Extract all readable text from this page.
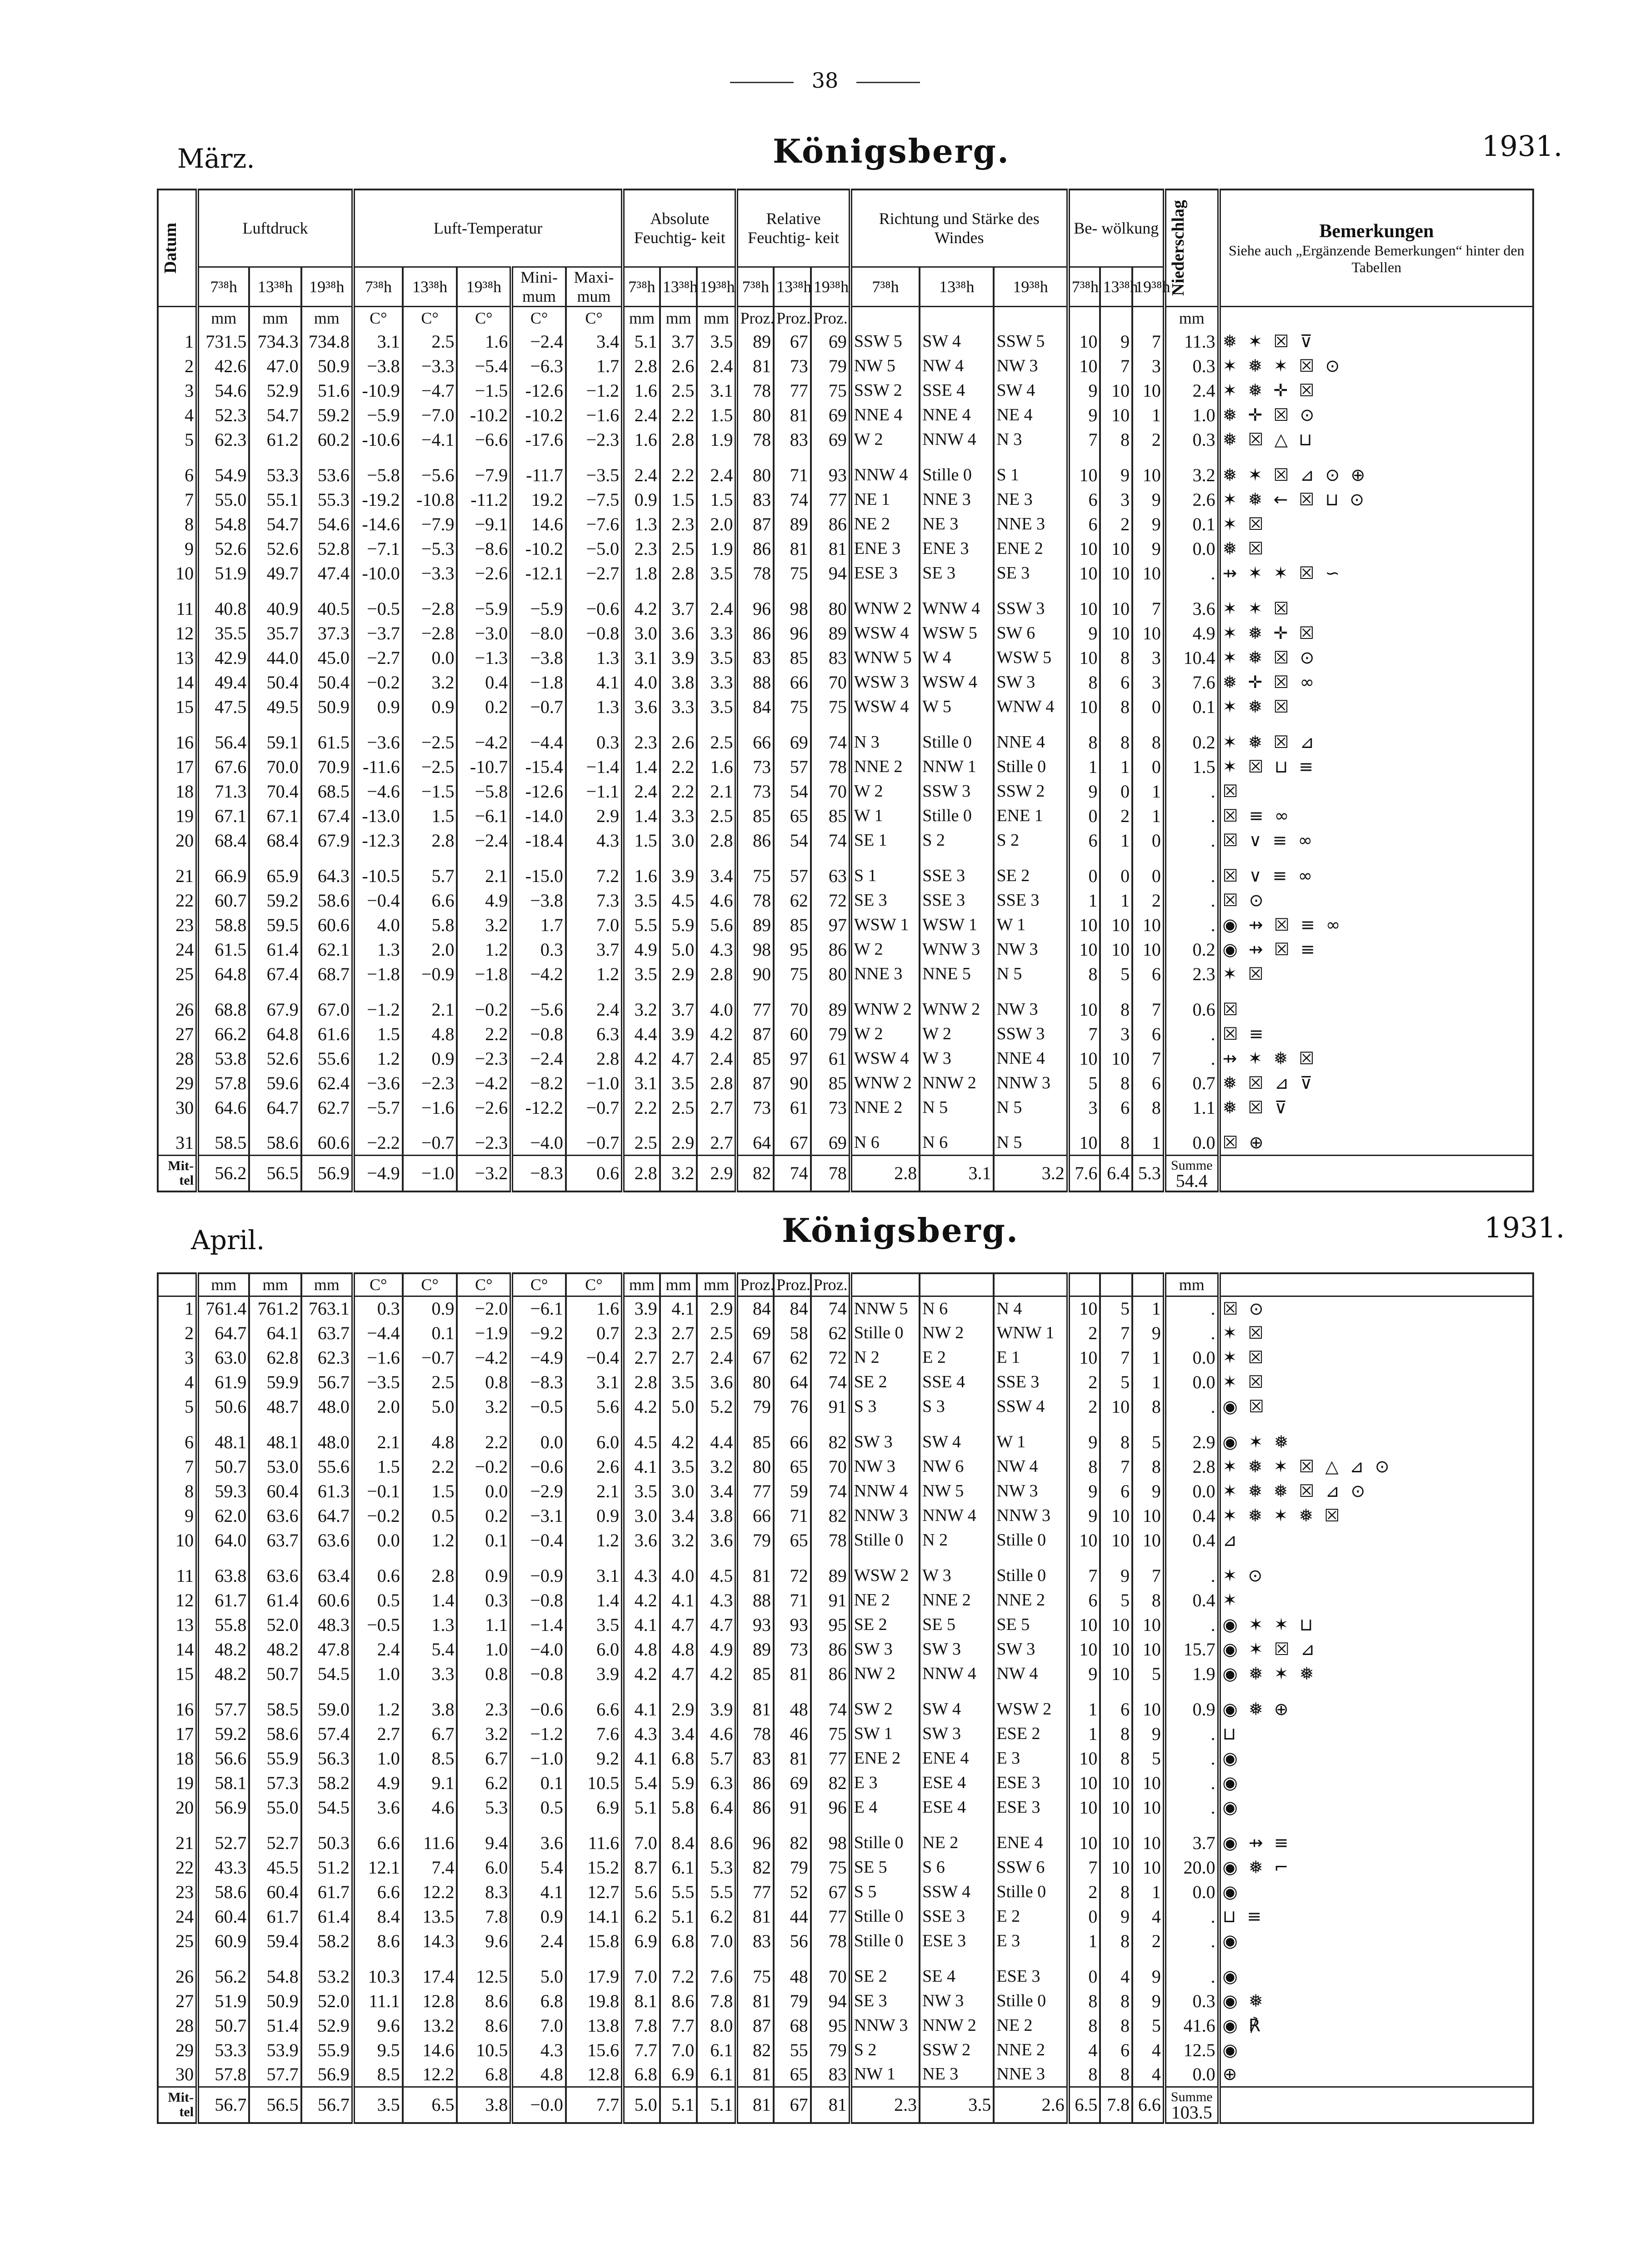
38
März.	Königsberg.	1931.
Datum	Luftdruck			Luft-Temperatur					Absolute Feuchtig- keit			Relative Feuchtig- keit			Richtung und Stärke des Windes			Be- wölkung			Niederschlag	Bemerkungen
Siehe auch „Ergänzende Bemerkungen“ hinter den Tabellen

	7³⁸h	13³⁸h	19³⁸h	7³⁸h	13³⁸h	19³⁸h	Mini- mum	Maxi- mum	7³⁸h	13³⁸h	19³⁸h	7³⁸h	13³⁸h	19³⁸h	7³⁸h	13³⁸h	19³⁸h	7³⁸h	13³⁸h	19³⁸h		
	mm	mm	mm	C°	C°	C°	C°	C°	mm	mm	mm	Proz.	Proz.	Proz.							mm	
1	731.5	734.3	734.8	3.1	2.5	1.6	−2.4	3.4	5.1	3.7	3.5	89	67	69	SSW 5	SW 4	SSW 5	10	9	7	11.3	❅ ✶ ☒ ⊽
2	42.6	47.0	50.9	−3.8	−3.3	−5.4	−6.3	1.7	2.8	2.6	2.4	81	73	79	NW 5	NW 4	NW 3	10	7	3	0.3	✶ ❅ ✶ ☒ ⊙
3	54.6	52.9	51.6	-10.9	−4.7	−1.5	-12.6	−1.2	1.6	2.5	3.1	78	77	75	SSW 2	SSE 4	SW 4	9	10	10	2.4	✶ ❅ ✛ ☒
4	52.3	54.7	59.2	−5.9	−7.0	-10.2	-10.2	−1.6	2.4	2.2	1.5	80	81	69	NNE 4	NNE 4	NE 4	9	10	1	1.0	❅ ✛ ☒ ⊙
5	62.3	61.2	60.2	-10.6	−4.1	−6.6	-17.6	−2.3	1.6	2.8	1.9	78	83	69	W 2	NNW 4	N 3	7	8	2	0.3	❅ ☒ △ ⊔

6	54.9	53.3	53.6	−5.8	−5.6	−7.9	-11.7	−3.5	2.4	2.2	2.4	80	71	93	NNW 4	Stille 0	S 1	10	9	10	3.2	❅ ✶ ☒ ⊿ ⊙ ⊕
7	55.0	55.1	55.3	-19.2	-10.8	-11.2	19.2	−7.5	0.9	1.5	1.5	83	74	77	NE 1	NNE 3	NE 3	6	3	9	2.6	✶ ❅ ← ☒ ⊔ ⊙
8	54.8	54.7	54.6	-14.6	−7.9	−9.1	14.6	−7.6	1.3	2.3	2.0	87	89	86	NE 2	NE 3	NNE 3	6	2	9	0.1	✶ ☒
9	52.6	52.6	52.8	−7.1	−5.3	−8.6	-10.2	−5.0	2.3	2.5	1.9	86	81	81	ENE 3	ENE 3	ENE 2	10	10	9	0.0	❅ ☒
10	51.9	49.7	47.4	-10.0	−3.3	−2.6	-12.1	−2.7	1.8	2.8	3.5	78	75	94	ESE 3	SE 3	SE 3	10	10	10	.	⇸ ✶ ✶ ☒ ∽

11	40.8	40.9	40.5	−0.5	−2.8	−5.9	−5.9	−0.6	4.2	3.7	2.4	96	98	80	WNW 2	WNW 4	SSW 3	10	10	7	3.6	✶ ✶ ☒
12	35.5	35.7	37.3	−3.7	−2.8	−3.0	−8.0	−0.8	3.0	3.6	3.3	86	96	89	WSW 4	WSW 5	SW 6	9	10	10	4.9	✶ ❅ ✛ ☒
13	42.9	44.0	45.0	−2.7	0.0	−1.3	−3.8	1.3	3.1	3.9	3.5	83	85	83	WNW 5	W 4	WSW 5	10	8	3	10.4	✶ ❅ ☒ ⊙
14	49.4	50.4	50.4	−0.2	3.2	0.4	−1.8	4.1	4.0	3.8	3.3	88	66	70	WSW 3	WSW 4	SW 3	8	6	3	7.6	❅ ✛ ☒ ∞
15	47.5	49.5	50.9	0.9	0.9	0.2	−0.7	1.3	3.6	3.3	3.5	84	75	75	WSW 4	W 5	WNW 4	10	8	0	0.1	✶ ❅ ☒

16	56.4	59.1	61.5	−3.6	−2.5	−4.2	−4.4	0.3	2.3	2.6	2.5	66	69	74	N 3	Stille 0	NNE 4	8	8	8	0.2	✶ ❅ ☒ ⊿
17	67.6	70.0	70.9	-11.6	−2.5	-10.7	-15.4	−1.4	1.4	2.2	1.6	73	57	78	NNE 2	NNW 1	Stille 0	1	1	0	1.5	✶ ☒ ⊔ ≡
18	71.3	70.4	68.5	−4.6	−1.5	−5.8	-12.6	−1.1	2.4	2.2	2.1	73	54	70	W 2	SSW 3	SSW 2	9	0	1	.	☒
19	67.1	67.1	67.4	-13.0	1.5	−6.1	-14.0	2.9	1.4	3.3	2.5	85	65	85	W 1	Stille 0	ENE 1	0	2	1	.	☒ ≡ ∞
20	68.4	68.4	67.9	-12.3	2.8	−2.4	-18.4	4.3	1.5	3.0	2.8	86	54	74	SE 1	S 2	S 2	6	1	0	.	☒ ∨ ≡ ∞

21	66.9	65.9	64.3	-10.5	5.7	2.1	-15.0	7.2	1.6	3.9	3.4	75	57	63	S 1	SSE 3	SE 2	0	0	0	.	☒ ∨ ≡ ∞
22	60.7	59.2	58.6	−0.4	6.6	4.9	−3.8	7.3	3.5	4.5	4.6	78	62	72	SE 3	SSE 3	SSE 3	1	1	2	.	☒ ⊙
23	58.8	59.5	60.6	4.0	5.8	3.2	1.7	7.0	5.5	5.9	5.6	89	85	97	WSW 1	WSW 1	W 1	10	10	10	.	◉ ⇸ ☒ ≡ ∞
24	61.5	61.4	62.1	1.3	2.0	1.2	0.3	3.7	4.9	5.0	4.3	98	95	86	W 2	WNW 3	NW 3	10	10	10	0.2	◉ ⇸ ☒ ≡
25	64.8	67.4	68.7	−1.8	−0.9	−1.8	−4.2	1.2	3.5	2.9	2.8	90	75	80	NNE 3	NNE 5	N 5	8	5	6	2.3	✶ ☒

26	68.8	67.9	67.0	−1.2	2.1	−0.2	−5.6	2.4	3.2	3.7	4.0	77	70	89	WNW 2	WNW 2	NW 3	10	8	7	0.6	☒
27	66.2	64.8	61.6	1.5	4.8	2.2	−0.8	6.3	4.4	3.9	4.2	87	60	79	W 2	W 2	SSW 3	7	3	6	.	☒ ≡
28	53.8	52.6	55.6	1.2	0.9	−2.3	−2.4	2.8	4.2	4.7	2.4	85	97	61	WSW 4	W 3	NNE 4	10	10	7	.	⇸ ✶ ❅ ☒
29	57.8	59.6	62.4	−3.6	−2.3	−4.2	−8.2	−1.0	3.1	3.5	2.8	87	90	85	WNW 2	NNW 2	NNW 3	5	8	6	0.7	❅ ☒ ⊿ ⊽
30	64.6	64.7	62.7	−5.7	−1.6	−2.6	-12.2	−0.7	2.2	2.5	2.7	73	61	73	NNE 2	N 5	N 5	3	6	8	1.1	❅ ☒ ⊽

31	58.5	58.6	60.6	−2.2	−0.7	−2.3	−4.0	−0.7	2.5	2.9	2.7	64	67	69	N 6	N 6	N 5	10	8	1	0.0	☒ ⊕
Mit- tel	56.2	56.5	56.9	−4.9	−1.0	−3.2	−8.3	0.6	2.8	3.2	2.9	82	74	78	2.8	3.1	3.2	7.6	6.4	5.3	Summe
54.4	

April.	Königsberg.	1931.
	mm	mm	mm	C°	C°	C°	C°	C°	mm	mm	mm	Proz.	Proz.	Proz.							mm	
1	761.4	761.2	763.1	0.3	0.9	−2.0	−6.1	1.6	3.9	4.1	2.9	84	84	74	NNW 5	N 6	N 4	10	5	1	.	☒ ⊙
2	64.7	64.1	63.7	−4.4	0.1	−1.9	−9.2	0.7	2.3	2.7	2.5	69	58	62	Stille 0	NW 2	WNW 1	2	7	9	.	✶ ☒
3	63.0	62.8	62.3	−1.6	−0.7	−4.2	−4.9	−0.4	2.7	2.7	2.4	67	62	72	N 2	E 2	E 1	10	7	1	0.0	✶ ☒
4	61.9	59.9	56.7	−3.5	2.5	0.8	−8.3	3.1	2.8	3.5	3.6	80	64	74	SE 2	SSE 4	SSE 3	2	5	1	0.0	✶ ☒
5	50.6	48.7	48.0	2.0	5.0	3.2	−0.5	5.6	4.2	5.0	5.2	79	76	91	S 3	S 3	SSW 4	2	10	8	.	◉ ☒

6	48.1	48.1	48.0	2.1	4.8	2.2	0.0	6.0	4.5	4.2	4.4	85	66	82	SW 3	SW 4	W 1	9	8	5	2.9	◉ ✶ ❅
7	50.7	53.0	55.6	1.5	2.2	−0.2	−0.6	2.6	4.1	3.5	3.2	80	65	70	NW 3	NW 6	NW 4	8	7	8	2.8	✶ ❅ ✶ ☒ △ ⊿ ⊙
8	59.3	60.4	61.3	−0.1	1.5	0.0	−2.9	2.1	3.5	3.0	3.4	77	59	74	NNW 4	NW 5	NW 3	9	6	9	0.0	✶ ❅ ❅ ☒ ⊿ ⊙
9	62.0	63.6	64.7	−0.2	0.5	0.2	−3.1	0.9	3.0	3.4	3.8	66	71	82	NNW 3	NNW 4	NNW 3	9	10	10	0.4	✶ ❅ ✶ ❅ ☒
10	64.0	63.7	63.6	0.0	1.2	0.1	−0.4	1.2	3.6	3.2	3.6	79	65	78	Stille 0	N 2	Stille 0	10	10	10	0.4	⊿

11	63.8	63.6	63.4	0.6	2.8	0.9	−0.9	3.1	4.3	4.0	4.5	81	72	89	WSW 2	W 3	Stille 0	7	9	7	.	✶ ⊙
12	61.7	61.4	60.6	0.5	1.4	0.3	−0.8	1.4	4.2	4.1	4.3	88	71	91	NE 2	NNE 2	NNE 2	6	5	8	0.4	✶
13	55.8	52.0	48.3	−0.5	1.3	1.1	−1.4	3.5	4.1	4.7	4.7	93	93	95	SE 2	SE 5	SE 5	10	10	10	.	◉ ✶ ✶ ⊔
14	48.2	48.2	47.8	2.4	5.4	1.0	−4.0	6.0	4.8	4.8	4.9	89	73	86	SW 3	SW 3	SW 3	10	10	10	15.7	◉ ✶ ☒ ⊿
15	48.2	50.7	54.5	1.0	3.3	0.8	−0.8	3.9	4.2	4.7	4.2	85	81	86	NW 2	NNW 4	NW 4	9	10	5	1.9	◉ ❅ ✶ ❅

16	57.7	58.5	59.0	1.2	3.8	2.3	−0.6	6.6	4.1	2.9	3.9	81	48	74	SW 2	SW 4	WSW 2	1	6	10	0.9	◉ ❅ ⊕
17	59.2	58.6	57.4	2.7	6.7	3.2	−1.2	7.6	4.3	3.4	4.6	78	46	75	SW 1	SW 3	ESE 2	1	8	9	.	⊔
18	56.6	55.9	56.3	1.0	8.5	6.7	−1.0	9.2	4.1	6.8	5.7	83	81	77	ENE 2	ENE 4	E 3	10	8	5	.	◉
19	58.1	57.3	58.2	4.9	9.1	6.2	0.1	10.5	5.4	5.9	6.3	86	69	82	E 3	ESE 4	ESE 3	10	10	10	.	◉
20	56.9	55.0	54.5	3.6	4.6	5.3	0.5	6.9	5.1	5.8	6.4	86	91	96	E 4	ESE 4	ESE 3	10	10	10	.	◉

21	52.7	52.7	50.3	6.6	11.6	9.4	3.6	11.6	7.0	8.4	8.6	96	82	98	Stille 0	NE 2	ENE 4	10	10	10	3.7	◉ ⇸ ≡
22	43.3	45.5	51.2	12.1	7.4	6.0	5.4	15.2	8.7	6.1	5.3	82	79	75	SE 5	S 6	SSW 6	7	10	10	20.0	◉ ❅ ⌐
23	58.6	60.4	61.7	6.6	12.2	8.3	4.1	12.7	5.6	5.5	5.5	77	52	67	S 5	SSW 4	Stille 0	2	8	1	0.0	◉
24	60.4	61.7	61.4	8.4	13.5	7.8	0.9	14.1	6.2	5.1	6.2	81	44	77	Stille 0	SSE 3	E 2	0	9	4	.	⊔ ≡
25	60.9	59.4	58.2	8.6	14.3	9.6	2.4	15.8	6.9	6.8	7.0	83	56	78	Stille 0	ESE 3	E 3	1	8	2	.	◉

26	56.2	54.8	53.2	10.3	17.4	12.5	5.0	17.9	7.0	7.2	7.6	75	48	70	SE 2	SE 4	ESE 3	0	4	9	.	◉
27	51.9	50.9	52.0	11.1	12.8	8.6	6.8	19.8	8.1	8.6	7.8	81	79	94	SE 3	NW 3	Stille 0	8	8	9	0.3	◉ ❅
28	50.7	51.4	52.9	9.6	13.2	8.6	7.0	13.8	7.8	7.7	8.0	87	68	95	NNW 3	NNW 2	NE 2	8	8	5	41.6	◉ ℟
29	53.3	53.9	55.9	9.5	14.6	10.5	4.3	15.6	7.7	7.0	6.1	82	55	79	S 2	SSW 2	NNE 2	4	6	4	12.5	◉
30	57.8	57.7	56.9	8.5	12.2	6.8	4.8	12.8	6.8	6.9	6.1	81	65	83	NW 1	NE 3	NNE 3	8	8	4	0.0	⊕
Mit- tel	56.7	56.5	56.7	3.5	6.5	3.8	−0.0	7.7	5.0	5.1	5.1	81	67	81	2.3	3.5	2.6	6.5	7.8	6.6	Summe
103.5	
